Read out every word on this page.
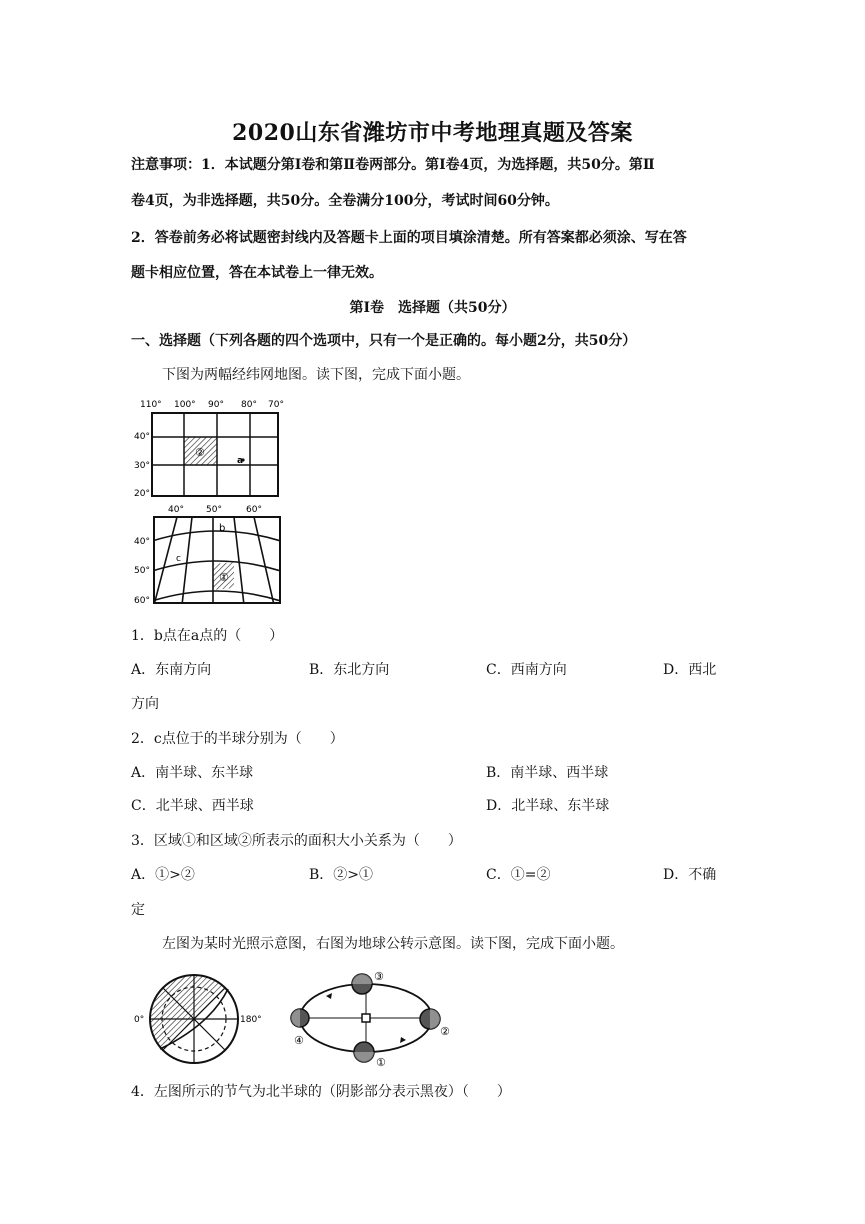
2020山东省潍坊市中考地理真题及答案
注意事项：1．本试题分第Ⅰ卷和第Ⅱ卷两部分。第Ⅰ卷4页，为选择题，共50分。第Ⅱ
卷4页，为非选择题，共50分。全卷满分100分，考试时间60分钟。
2．答卷前务必将试题密封线内及答题卡上面的项目填涂清楚。所有答案都必须涂、写在答
题卡相应位置，答在本试卷上一律无效。
第Ⅰ卷　选择题（共50分）
一、选择题（下列各题的四个选项中，只有一个是正确的。每小题2分，共50分）
下图为两幅经纬网地图。读下图，完成下面小题。
110° 100° 90° 80° 70°
40°
30°
20°
②
a
40° 50°	60°
40°
50°
60°
b
c
①
1．b点在a点的（　　）
A．东南方向	B．东北方向	C．西南方向	D．西北
方向
2．c点位于的半球分别为（　　）
A．南半球、东半球	B．南半球、西半球
C．北半球、西半球	D．北半球、东半球
3．区域①和区域②所表示的面积大小关系为（　　）
A．①>②	B．②>①	C．①=②	D．不确
定
左图为某时光照示意图，右图为地球公转示意图。读下图，完成下面小题。
0°	180°
③
②
①
④
4．左图所示的节气为北半球的（阴影部分表示黑夜）（　　）
